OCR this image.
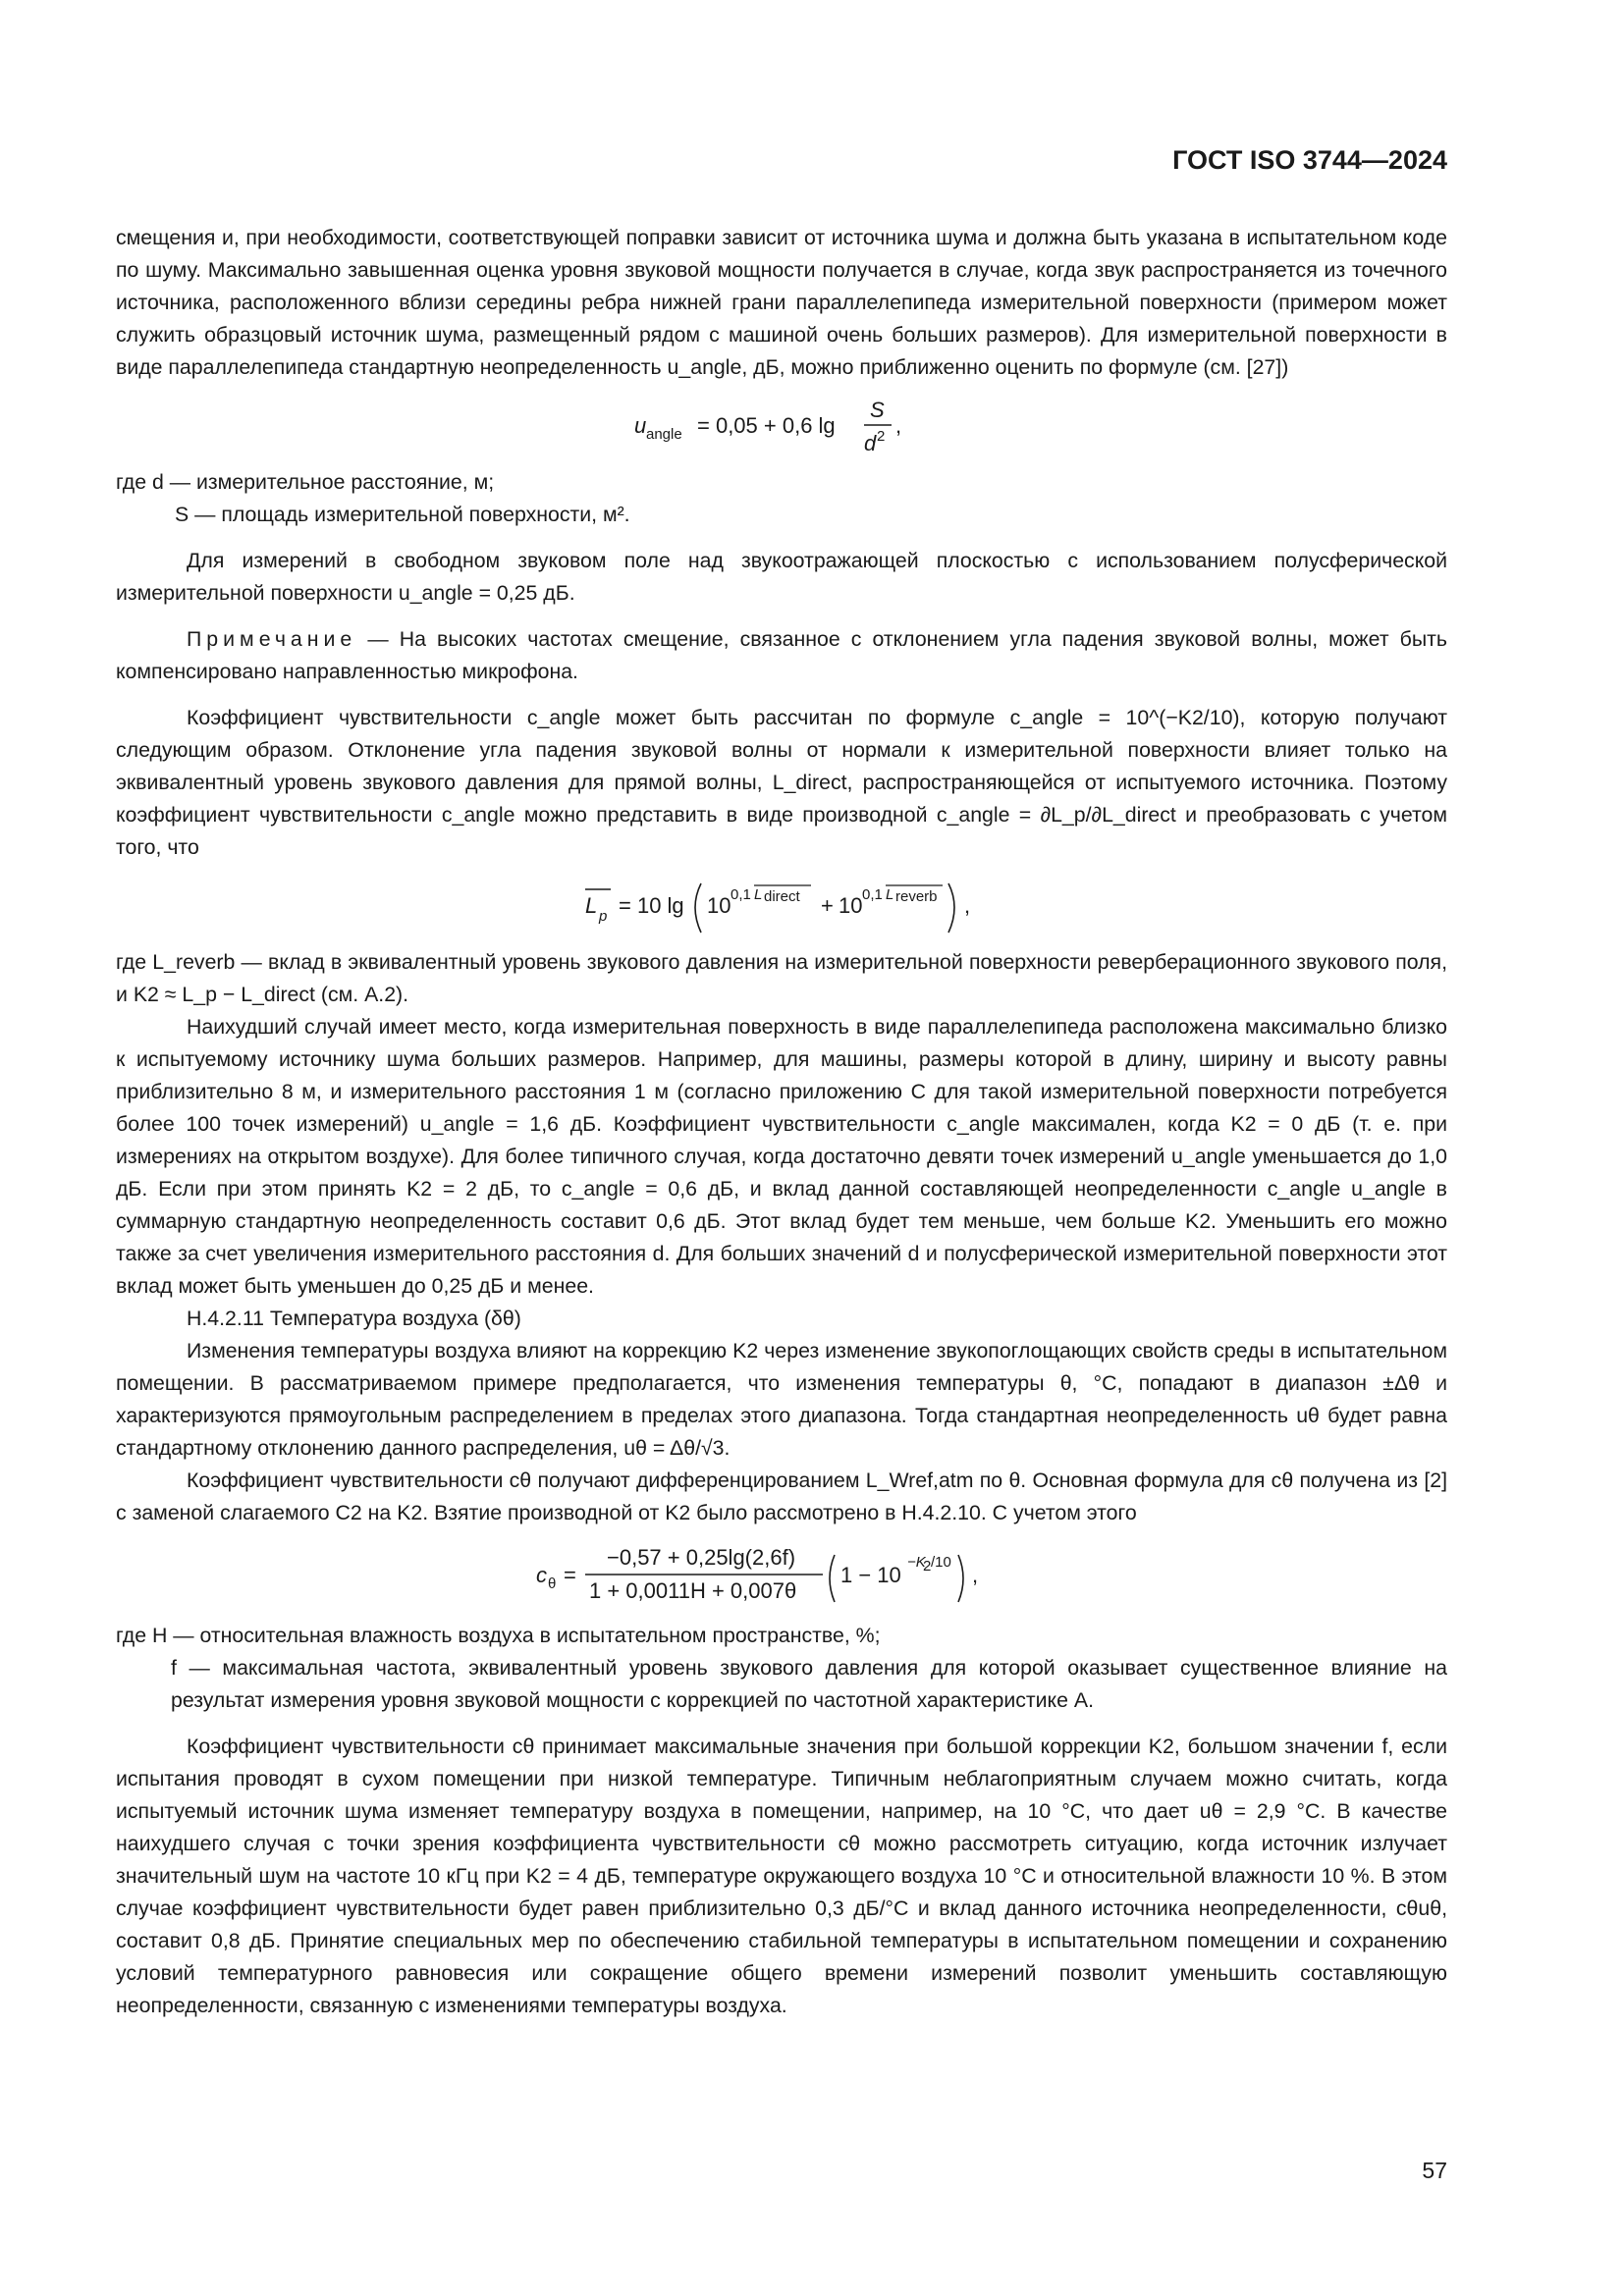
ГОСТ ISO 3744—2024

смещения и, при необходимости, соответствующей поправки зависит от источника шума и должна быть указана в испытательном коде по шуму. Максимально завышенная оценка уровня звуковой мощности получается в случае, когда звук распространяется из точечного источника, расположенного вблизи середины ребра нижней грани параллелепипеда измерительной поверхности (примером может служить образцовый источник шума, размещенный рядом с машиной очень больших размеров). Для измерительной поверхности в виде параллелепипеда стандартную неопределенность u_angle, дБ, можно приближенно оценить по формуле (см. [27])

u angle = 0,05 + 0,6 lg
S
d 2 ,

где d — измерительное расстояние, м;

S — площадь измерительной поверхности, м².

Для измерений в свободном звуковом поле над звукоотражающей плоскостью с использованием полусферической измерительной поверхности u_angle = 0,25 дБ.

Примечание — На высоких частотах смещение, связанное с отклонением угла падения звуковой волны, может быть компенсировано направленностью микрофона.

Коэффициент чувствительности c_angle может быть рассчитан по формуле c_angle = 10^(−K2/10), которую получают следующим образом. Отклонение угла падения звуковой волны от нормали к измерительной поверхности влияет только на эквивалентный уровень звукового давления для прямой волны, L_direct, распространяющейся от испытуемого источника. Поэтому коэффициент чувствительности c_angle можно представить в виде производной c_angle = ∂L_p/∂L_direct и преобразовать с учетом того, что

L p = 10 lg 10 0,1 L direct + 10 0,1 L reverb ,

где L_reverb — вклад в эквивалентный уровень звукового давления на измерительной поверхности реверберационного звукового поля, и K2 ≈ L_p − L_direct (см. A.2).

Наихудший случай имеет место, когда измерительная поверхность в виде параллелепипеда расположена максимально близко к испытуемому источнику шума больших размеров. Например, для машины, размеры которой в длину, ширину и высоту равны приблизительно 8 м, и измерительного расстояния 1 м (согласно приложению С для такой измерительной поверхности потребуется более 100 точек измерений) u_angle = 1,6 дБ. Коэффициент чувствительности c_angle максимален, когда K2 = 0 дБ (т. е. при измерениях на открытом воздухе). Для более типичного случая, когда достаточно девяти точек измерений u_angle уменьшается до 1,0 дБ. Если при этом принять K2 = 2 дБ, то c_angle = 0,6 дБ, и вклад данной составляющей неопределенности c_angle u_angle в суммарную стандартную неопределенность составит 0,6 дБ. Этот вклад будет тем меньше, чем больше K2. Уменьшить его можно также за счет увеличения измерительного расстояния d. Для больших значений d и полусферической измерительной поверхности этот вклад может быть уменьшен до 0,25 дБ и менее.

Н.4.2.11 Температура воздуха (δθ)

Изменения температуры воздуха влияют на коррекцию K2 через изменение звукопоглощающих свойств среды в испытательном помещении. В рассматриваемом примере предполагается, что изменения температуры θ, °C, попадают в диапазон ±Δθ и характеризуются прямоугольным распределением в пределах этого диапазона. Тогда стандартная неопределенность uθ будет равна стандартному отклонению данного распределения, uθ = Δθ/√3.

Коэффициент чувствительности cθ получают дифференцированием L_Wref,atm по θ. Основная формула для cθ получена из [2] с заменой слагаемого C2 на K2. Взятие производной от K2 было рассмотрено в Н.4.2.10. С учетом этого

c θ =
−0,57 + 0,25lg(2,6f)
1 + 0,0011H + 0,007θ
1 − 10
−K
2 /10
,

где H — относительная влажность воздуха в испытательном пространстве, %;

f — максимальная частота, эквивалентный уровень звукового давления для которой оказывает существенное влияние на результат измерения уровня звуковой мощности с коррекцией по частотной характеристике А.

Коэффициент чувствительности cθ принимает максимальные значения при большой коррекции K2, большом значении f, если испытания проводят в сухом помещении при низкой температуре. Типичным неблагоприятным случаем можно считать, когда испытуемый источник шума изменяет температуру воздуха в помещении, например, на 10 °C, что дает uθ = 2,9 °C. В качестве наихудшего случая с точки зрения коэффициента чувствительности cθ можно рассмотреть ситуацию, когда источник излучает значительный шум на частоте 10 кГц при K2 = 4 дБ, температуре окружающего воздуха 10 °C и относительной влажности 10 %. В этом случае коэффициент чувствительности будет равен приблизительно 0,3 дБ/°C и вклад данного источника неопределенности, cθuθ, составит 0,8 дБ. Принятие специальных мер по обеспечению стабильной температуры в испытательном помещении и сохранению условий температурного равновесия или сокращение общего времени измерений позволит уменьшить составляющую неопределенности, связанную с изменениями температуры воздуха.

57
